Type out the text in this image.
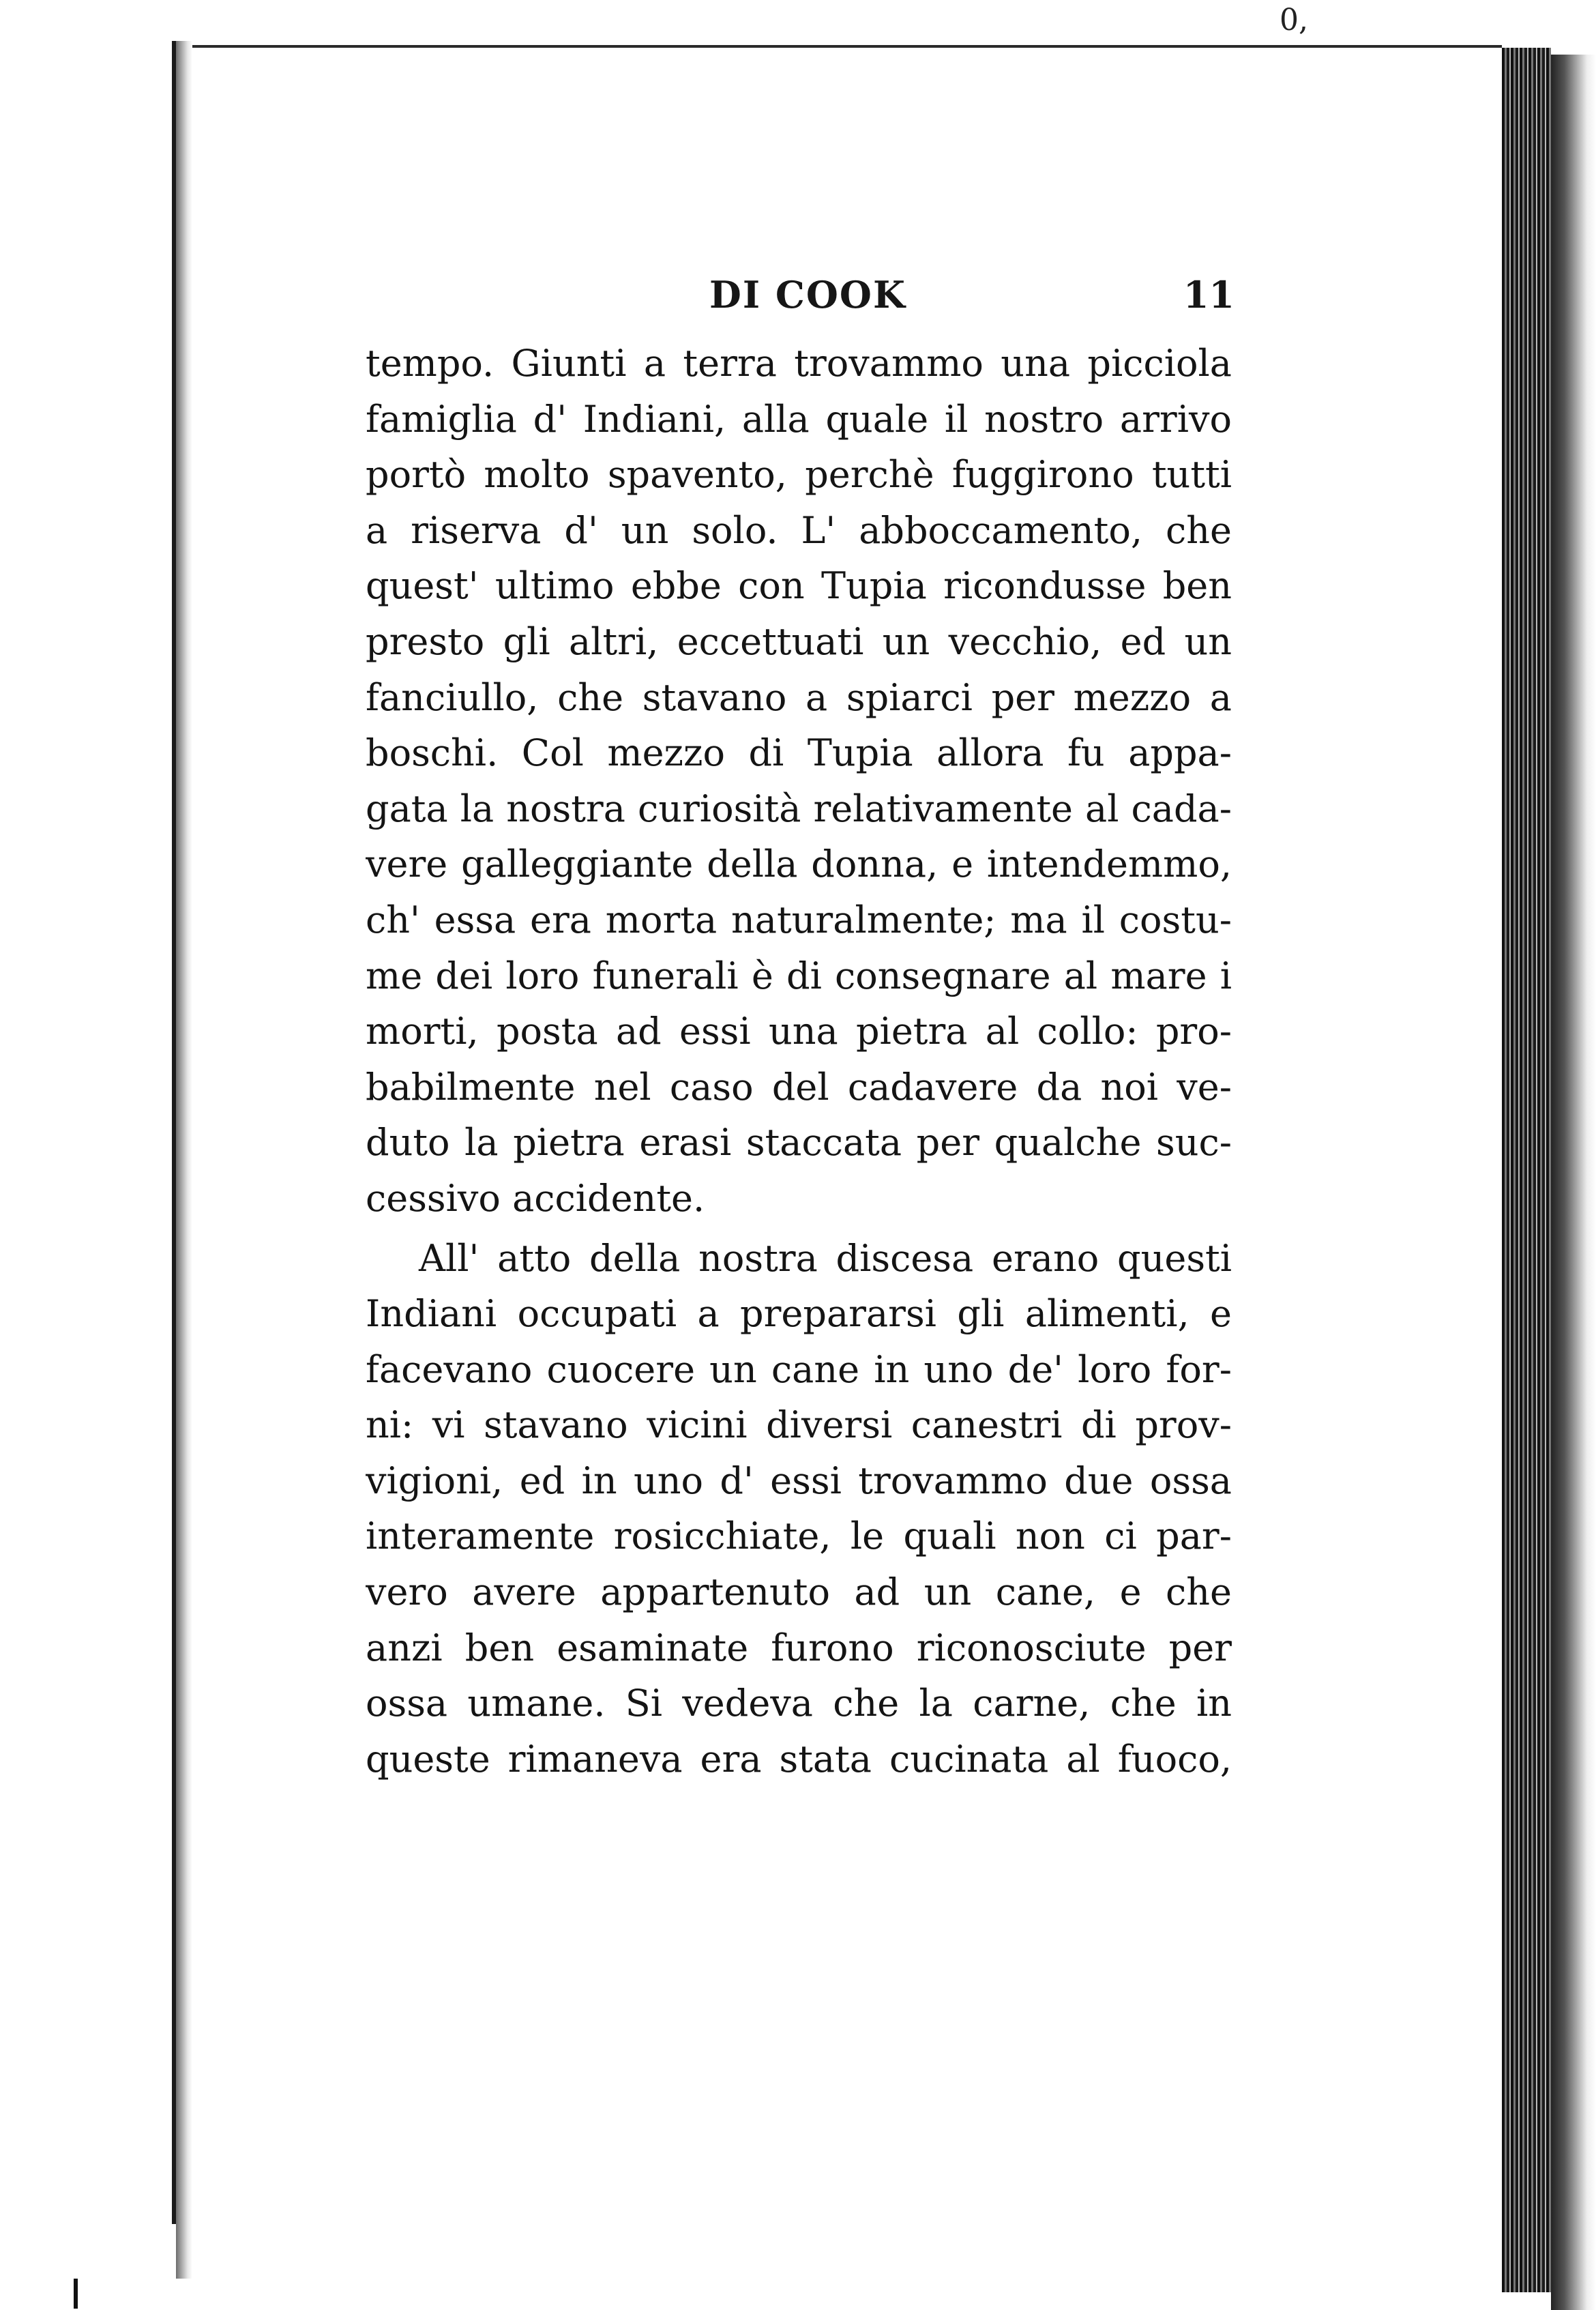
0,
DI COOK	11
tempo. Giunti a terra trovammo una picciola
famiglia d' Indiani, alla quale il nostro arrivo
portò molto spavento, perchè fuggirono tutti
a riserva d' un solo. L' abboccamento, che
quest' ultimo ebbe con Tupia ricondusse ben
presto gli altri, eccettuati un vecchio, ed un
fanciullo, che stavano a spiarci per mezzo a
boschi. Col mezzo di Tupia allora fu appa-
gata la nostra curiosità relativamente al cada-
vere galleggiante della donna, e intendemmo,
ch' essa era morta naturalmente; ma il costu-
me dei loro funerali è di consegnare al mare i
morti, posta ad essi una pietra al collo: pro-
babilmente nel caso del cadavere da noi ve-
duto la pietra erasi staccata per qualche suc-
cessivo accidente.
All' atto della nostra discesa erano questi
Indiani occupati a prepararsi gli alimenti, e
facevano cuocere un cane in uno de' loro for-
ni: vi stavano vicini diversi canestri di prov-
vigioni, ed in uno d' essi trovammo due ossa
interamente rosicchiate, le quali non ci par-
vero avere appartenuto ad un cane, e che
anzi ben esaminate furono riconosciute per
ossa umane. Si vedeva che la carne, che in
queste rimaneva era stata cucinata al fuoco,
